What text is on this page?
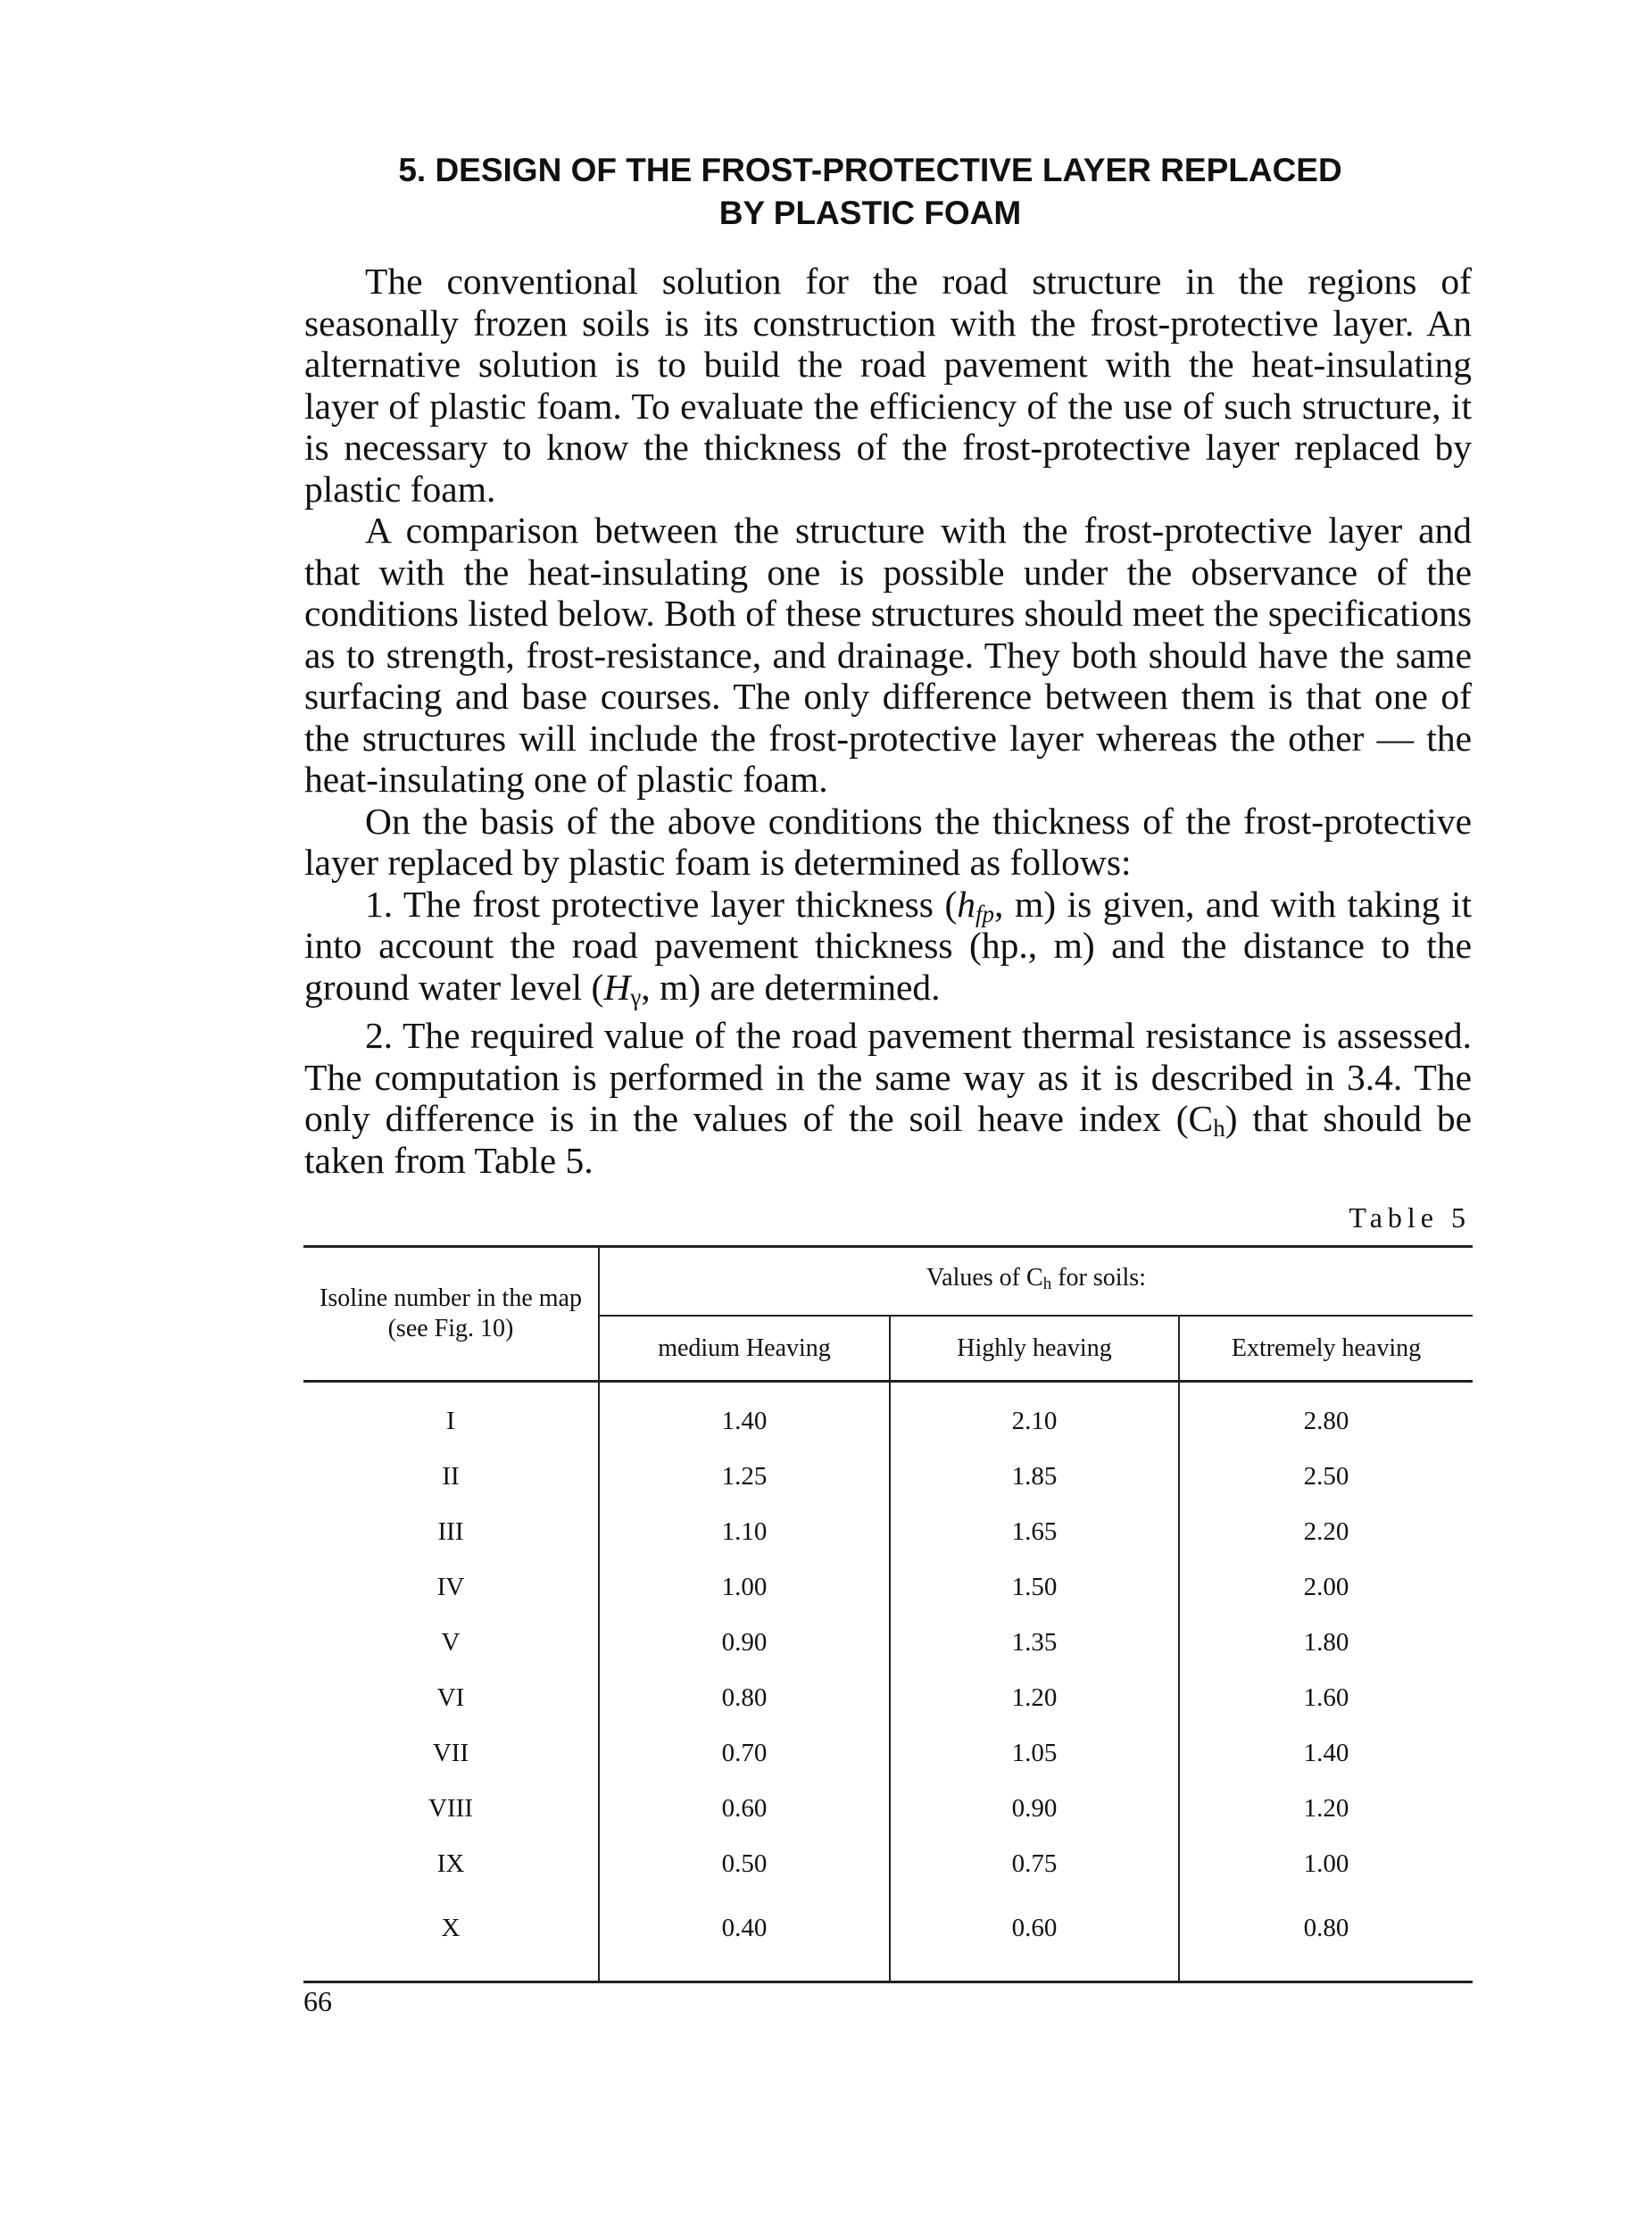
5. DESIGN OF THE FROST-PROTECTIVE LAYER REPLACED
BY PLASTIC FOAM

The conventional solution for the road structure in the regions of seasonally frozen soils is its construction with the frost-protective layer. An alternative solution is to build the road pavement with the heat-insulating layer of plastic foam. To evaluate the efficiency of the use of such structure, it is necessary to know the thickness of the frost-protective layer replaced by plastic foam.

A comparison between the structure with the frost-protective layer and that with the heat-insulating one is possible under the observance of the conditions listed below. Both of these structures should meet the specifications as to strength, frost-resistance, and drainage. They both should have the same surfacing and base courses. The only difference between them is that one of the structures will include the frost-protective layer whereas the other — the heat-insulating one of plastic foam.

On the basis of the above conditions the thickness of the frost-protective layer replaced by plastic foam is determined as follows:

1. The frost protective layer thickness ($h_{fp}$, m) is given, and with taking it into account the road pavement thickness (hp., m) and the distance to the ground water level ($H_\gamma$, m) are determined.

2. The required value of the road pavement thermal resistance is assessed. The computation is performed in the same way as it is described in 3.4. The only difference is in the values of the soil heave index $(C_h)$ that should be taken from Table 5.

Table 5
Isoline number in the map (see Fig. 10)	Values of Ch for soils:		
	medium Heaving	Highly heaving	Extremely heaving
I	1.40	2.10	2.80
II	1.25	1.85	2.50
III	1.10	1.65	2.20
IV	1.00	1.50	2.00
V	0.90	1.35	1.80
VI	0.80	1.20	1.60
VII	0.70	1.05	1.40
VIII	0.60	0.90	1.20
IX	0.50	0.75	1.00
X	0.40	0.60	0.80
66
